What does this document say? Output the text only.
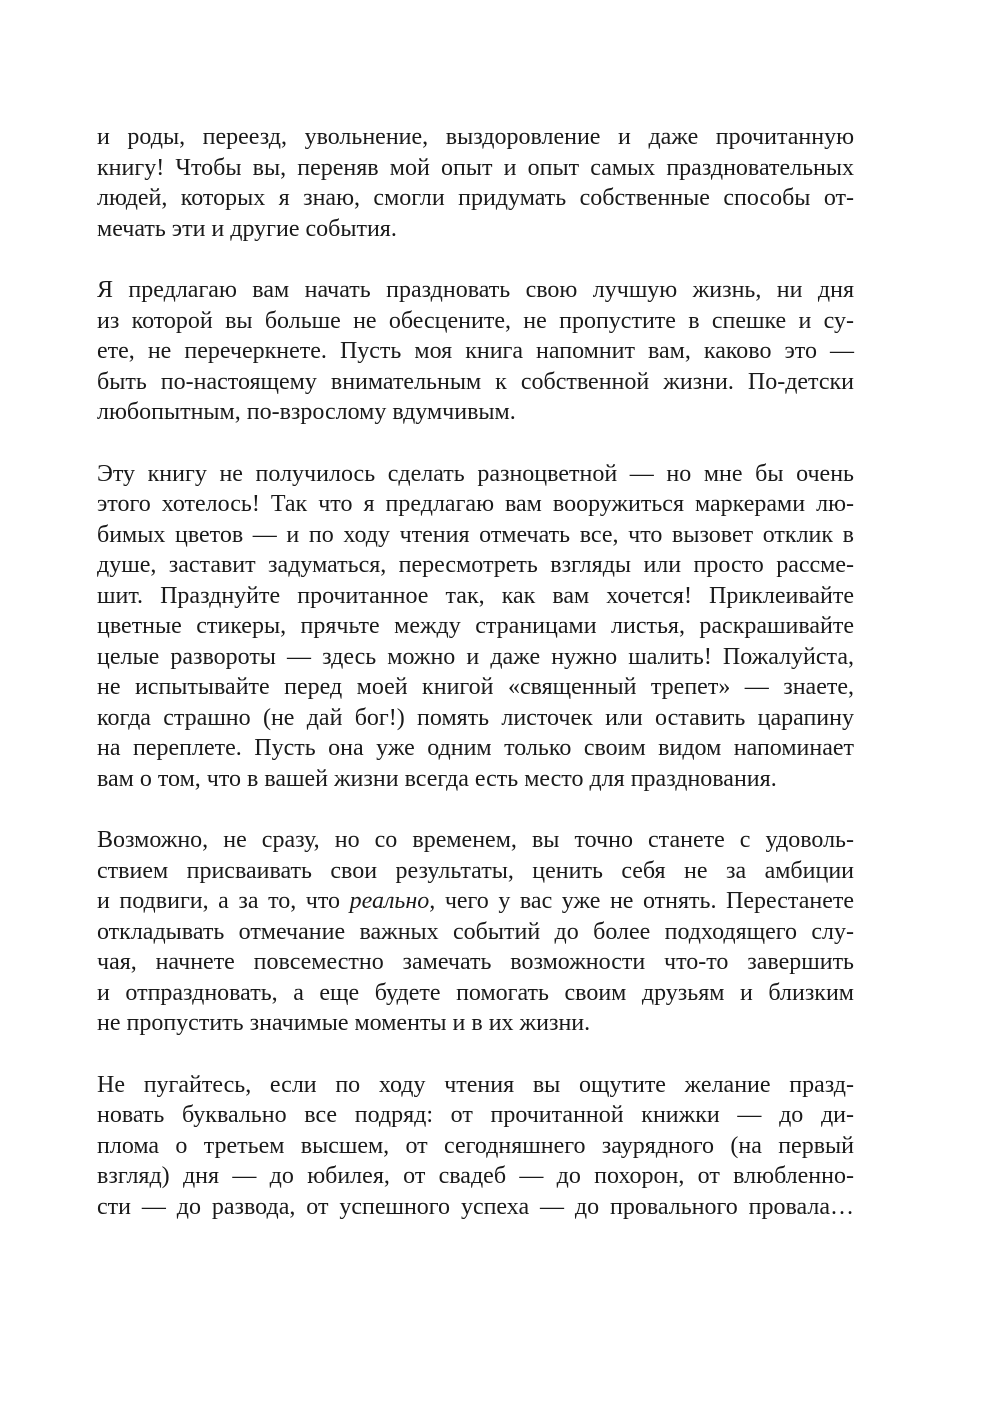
и роды, переезд, увольнение, выздоровление и даже прочитанную
книгу! Чтобы вы, переняв мой опыт и опыт самых праздновательных
людей, которых я знаю, смогли придумать собственные способы от-
мечать эти и другие события.

Я предлагаю вам начать праздновать свою лучшую жизнь, ни дня
из которой вы больше не обесцените, не пропустите в спешке и су-
ете, не перечеркнете. Пусть моя книга напомнит вам, каково это —
быть по-настоящему внимательным к собственной жизни. По-детски
любопытным, по-взрослому вдумчивым.

Эту книгу не получилось сделать разноцветной — но мне бы очень
этого хотелось! Так что я предлагаю вам вооружиться маркерами лю-
бимых цветов — и по ходу чтения отмечать все, что вызовет отклик в
душе, заставит задуматься, пересмотреть взгляды или просто рассме-
шит. Празднуйте прочитанное так, как вам хочется! Приклеивайте
цветные стикеры, прячьте между страницами листья, раскрашивайте
целые развороты — здесь можно и даже нужно шалить! Пожалуйста,
не испытывайте перед моей книгой «священный трепет» — знаете,
когда страшно (не дай бог!) помять листочек или оставить царапину
на переплете. Пусть она уже одним только своим видом напоминает
вам о том, что в вашей жизни всегда есть место для празднования.

Возможно, не сразу, но со временем, вы точно станете с удоволь-
ствием присваивать свои результаты, ценить себя не за амбиции
и подвиги, а за то, что реально, чего у вас уже не отнять. Перестанете
откладывать отмечание важных событий до более подходящего слу-
чая, начнете повсеместно замечать возможности что-то завершить
и отпраздновать, а еще будете помогать своим друзьям и близким
не пропустить значимые моменты и в их жизни.

Не пугайтесь, если по ходу чтения вы ощутите желание празд-
новать буквально все подряд: от прочитанной книжки — до ди-
плома о третьем высшем, от сегодняшнего заурядного (на первый
взгляд) дня — до юбилея, от свадеб — до похорон, от влюбленно-
сти — до развода, от успешного успеха — до провального провала…
